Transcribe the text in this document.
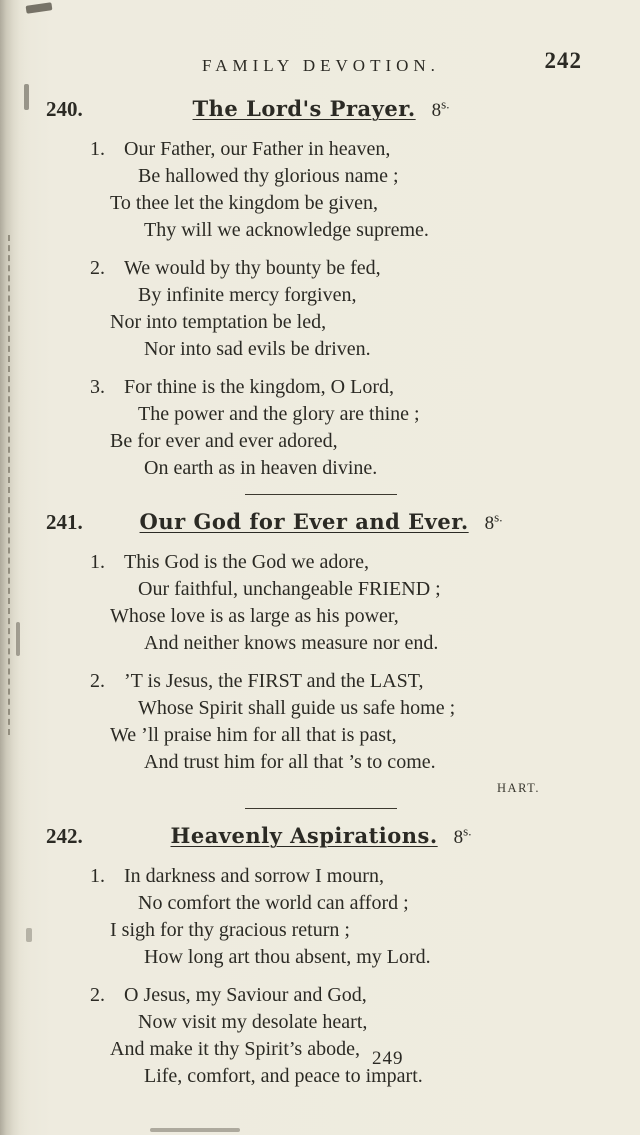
FAMILY DEVOTION.	242
240.	The Lord's Prayer. $8^{s.}$
1. Our Father, our Father in heaven,
Be hallowed thy glorious name ;
To thee let the kingdom be given,
Thy will we acknowledge supreme.
2. We would by thy bounty be fed,
By infinite mercy forgiven,
Nor into temptation be led,
Nor into sad evils be driven.
3. For thine is the kingdom, O Lord,
The power and the glory are thine ;
Be for ever and ever adored,
On earth as in heaven divine.
241.	Our God for Ever and Ever. $8^{s.}$
1. This God is the God we adore,
Our faithful, unchangeable FRIEND ;
Whose love is as large as his power,
And neither knows measure nor end.
2. ’T is Jesus, the FIRST and the LAST,
Whose Spirit shall guide us safe home ;
We ’ll praise him for all that is past,
And trust him for all that ’s to come.
HART.
242.	Heavenly Aspirations. $8^{s.}$
1. In darkness and sorrow I mourn,
No comfort the world can afford ;
I sigh for thy gracious return ;
How long art thou absent, my Lord.
2. O Jesus, my Saviour and God,
Now visit my desolate heart,
And make it thy Spirit’s abode,
Life, comfort, and peace to impart.
249
